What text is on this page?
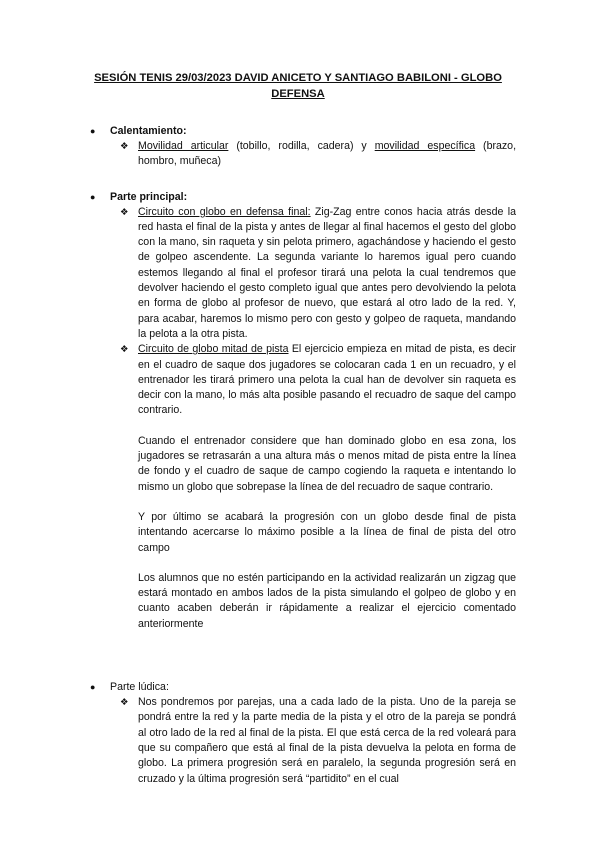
SESIÓN TENIS 29/03/2023 DAVID ANICETO Y SANTIAGO BABILONI - GLOBO DEFENSA
●	Calentamiento:
❖ Movilidad articular (tobillo, rodilla, cadera) y movilidad específica (brazo, hombro, muñeca)
●	Parte principal:
❖ Circuito con globo en defensa final: Zig-Zag entre conos hacia atrás desde la red hasta el final de la pista y antes de llegar al final hacemos el gesto del globo con la mano, sin raqueta y sin pelota primero, agachándose y haciendo el gesto de golpeo ascendente. La segunda variante lo haremos igual pero cuando estemos llegando al final el profesor tirará una pelota la cual tendremos que devolver haciendo el gesto completo igual que antes pero devolviendo la pelota en forma de globo al profesor de nuevo, que estará al otro lado de la red. Y, para acabar, haremos lo mismo pero con gesto y golpeo de raqueta, mandando la pelota a la otra pista.
❖ Circuito de globo mitad de pista El ejercicio empieza en mitad de pista, es decir en el cuadro de saque dos jugadores se colocaran cada 1 en un recuadro, y el entrenador les tirará primero una pelota la cual han de devolver sin raqueta es decir con la mano, lo más alta posible pasando el recuadro de saque del campo contrario.
Cuando el entrenador considere que han dominado globo en esa zona, los jugadores se retrasarán a una altura más o menos mitad de pista entre la línea de fondo y el cuadro de saque de campo cogiendo la raqueta e intentando lo mismo un globo que sobrepase la línea de del recuadro de saque contrario.
Y por último se acabará la progresión con un globo desde final de pista intentando acercarse lo máximo posible a la línea de final de pista del otro campo
Los alumnos que no estén participando en la actividad realizarán un zigzag que estará montado en ambos lados de la pista simulando el golpeo de globo y en cuanto acaben deberán ir rápidamente a realizar el ejercicio comentado anteriormente
●	Parte lúdica:
❖ Nos pondremos por parejas, una a cada lado de la pista. Uno de la pareja se pondrá entre la red y la parte media de la pista y el otro de la pareja se pondrá al otro lado de la red al final de la pista. El que está cerca de la red voleará para que su compañero que está al final de la pista devuelva la pelota en forma de globo. La primera progresión será en paralelo, la segunda progresión será en cruzado y la última progresión será “partidito” en el cual
